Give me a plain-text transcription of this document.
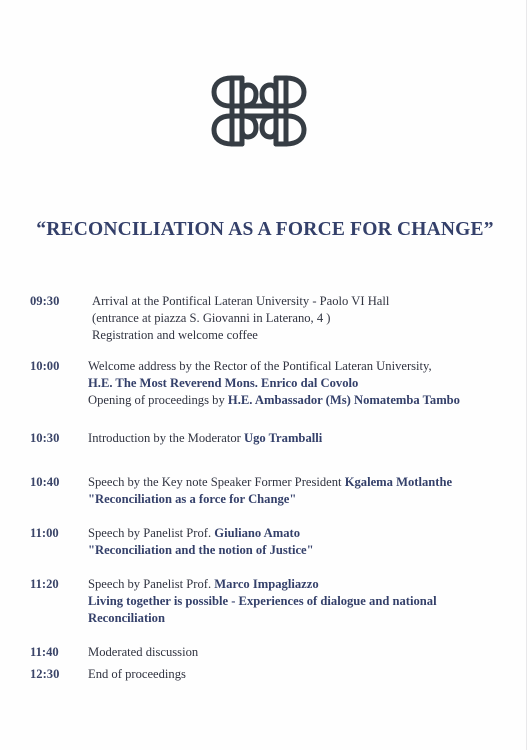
“RECONCILIATION AS A FORCE FOR CHANGE”
09:30	Arrival at the Pontifical Lateran University - Paolo VI Hall
(entrance at piazza S. Giovanni in Laterano, 4 )
Registration and welcome coffee
10:00 Welcome address by the Rector of the Pontifical Lateran University,
H.E. The Most Reverend Mons. Enrico dal Covolo
Opening of proceedings by H.E. Ambassador (Ms) Nomatemba Tambo
10:30 Introduction by the Moderator Ugo Tramballi
10:40 Speech by the Key note Speaker Former President Kgalema Motlanthe
"Reconciliation as a force for Change"
11:00 Speech by Panelist Prof. Giuliano Amato
"Reconciliation and the notion of Justice"
11:20 Speech by Panelist Prof. Marco Impagliazzo
Living together is possible - Experiences of dialogue and national
Reconciliation
11:40 Moderated discussion
12:30 End of proceedings
